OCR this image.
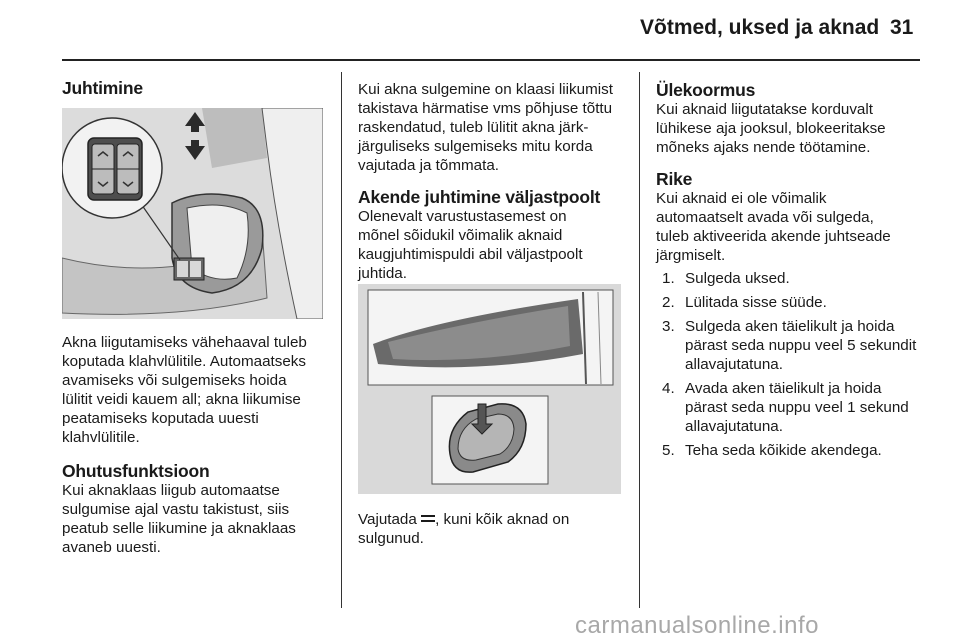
Võtmed, uksed ja aknad 31
Juhtimine

Akna liigutamiseks vähehaaval tuleb
koputada klahvlülitile. Automaatseks
avamiseks või sulgemiseks hoida
lülitit veidi kauem all; akna liikumise
peatamiseks koputada uuesti
klahvlülitile.

Ohutusfunktsioon

Kui aknaklaas liigub automaatse
sulgumise ajal vastu takistust, siis
peatub selle liikumine ja aknaklaas
avaneb uuesti.

Kui akna sulgemine on klaasi liikumist
takistava härmatise vms põhjuse tõttu
raskendatud, tuleb lülitit akna järk-
järguliseks sulgemiseks mitu korda
vajutada ja tõmmata.

Akende juhtimine väljastpoolt

Olenevalt varustustasemest on
mõnel sõidukil võimalik aknaid
kaugjuhtimispuldi abil väljastpoolt
juhtida.

Vajutada , kuni kõik aknad on
sulgunud.

Ülekoormus

Kui aknaid liigutatakse korduvalt
lühikese aja jooksul, blokeeritakse
mõneks ajaks nende töötamine.

Rike

Kui aknaid ei ole võimalik
automaatselt avada või sulgeda,
tuleb aktiveerida akende juhtseade
järgmiselt.

1. Sulgeda uksed.
2. Lülitada sisse süüde.
3. Sulgeda aken täielikult ja hoida
pärast seda nuppu veel 5 sekundit
allavajutatuna.
4. Avada aken täielikult ja hoida
pärast seda nuppu veel 1 sekund
allavajutatuna.
5. Teha seda kõikide akendega.
carmanualsonline.info
